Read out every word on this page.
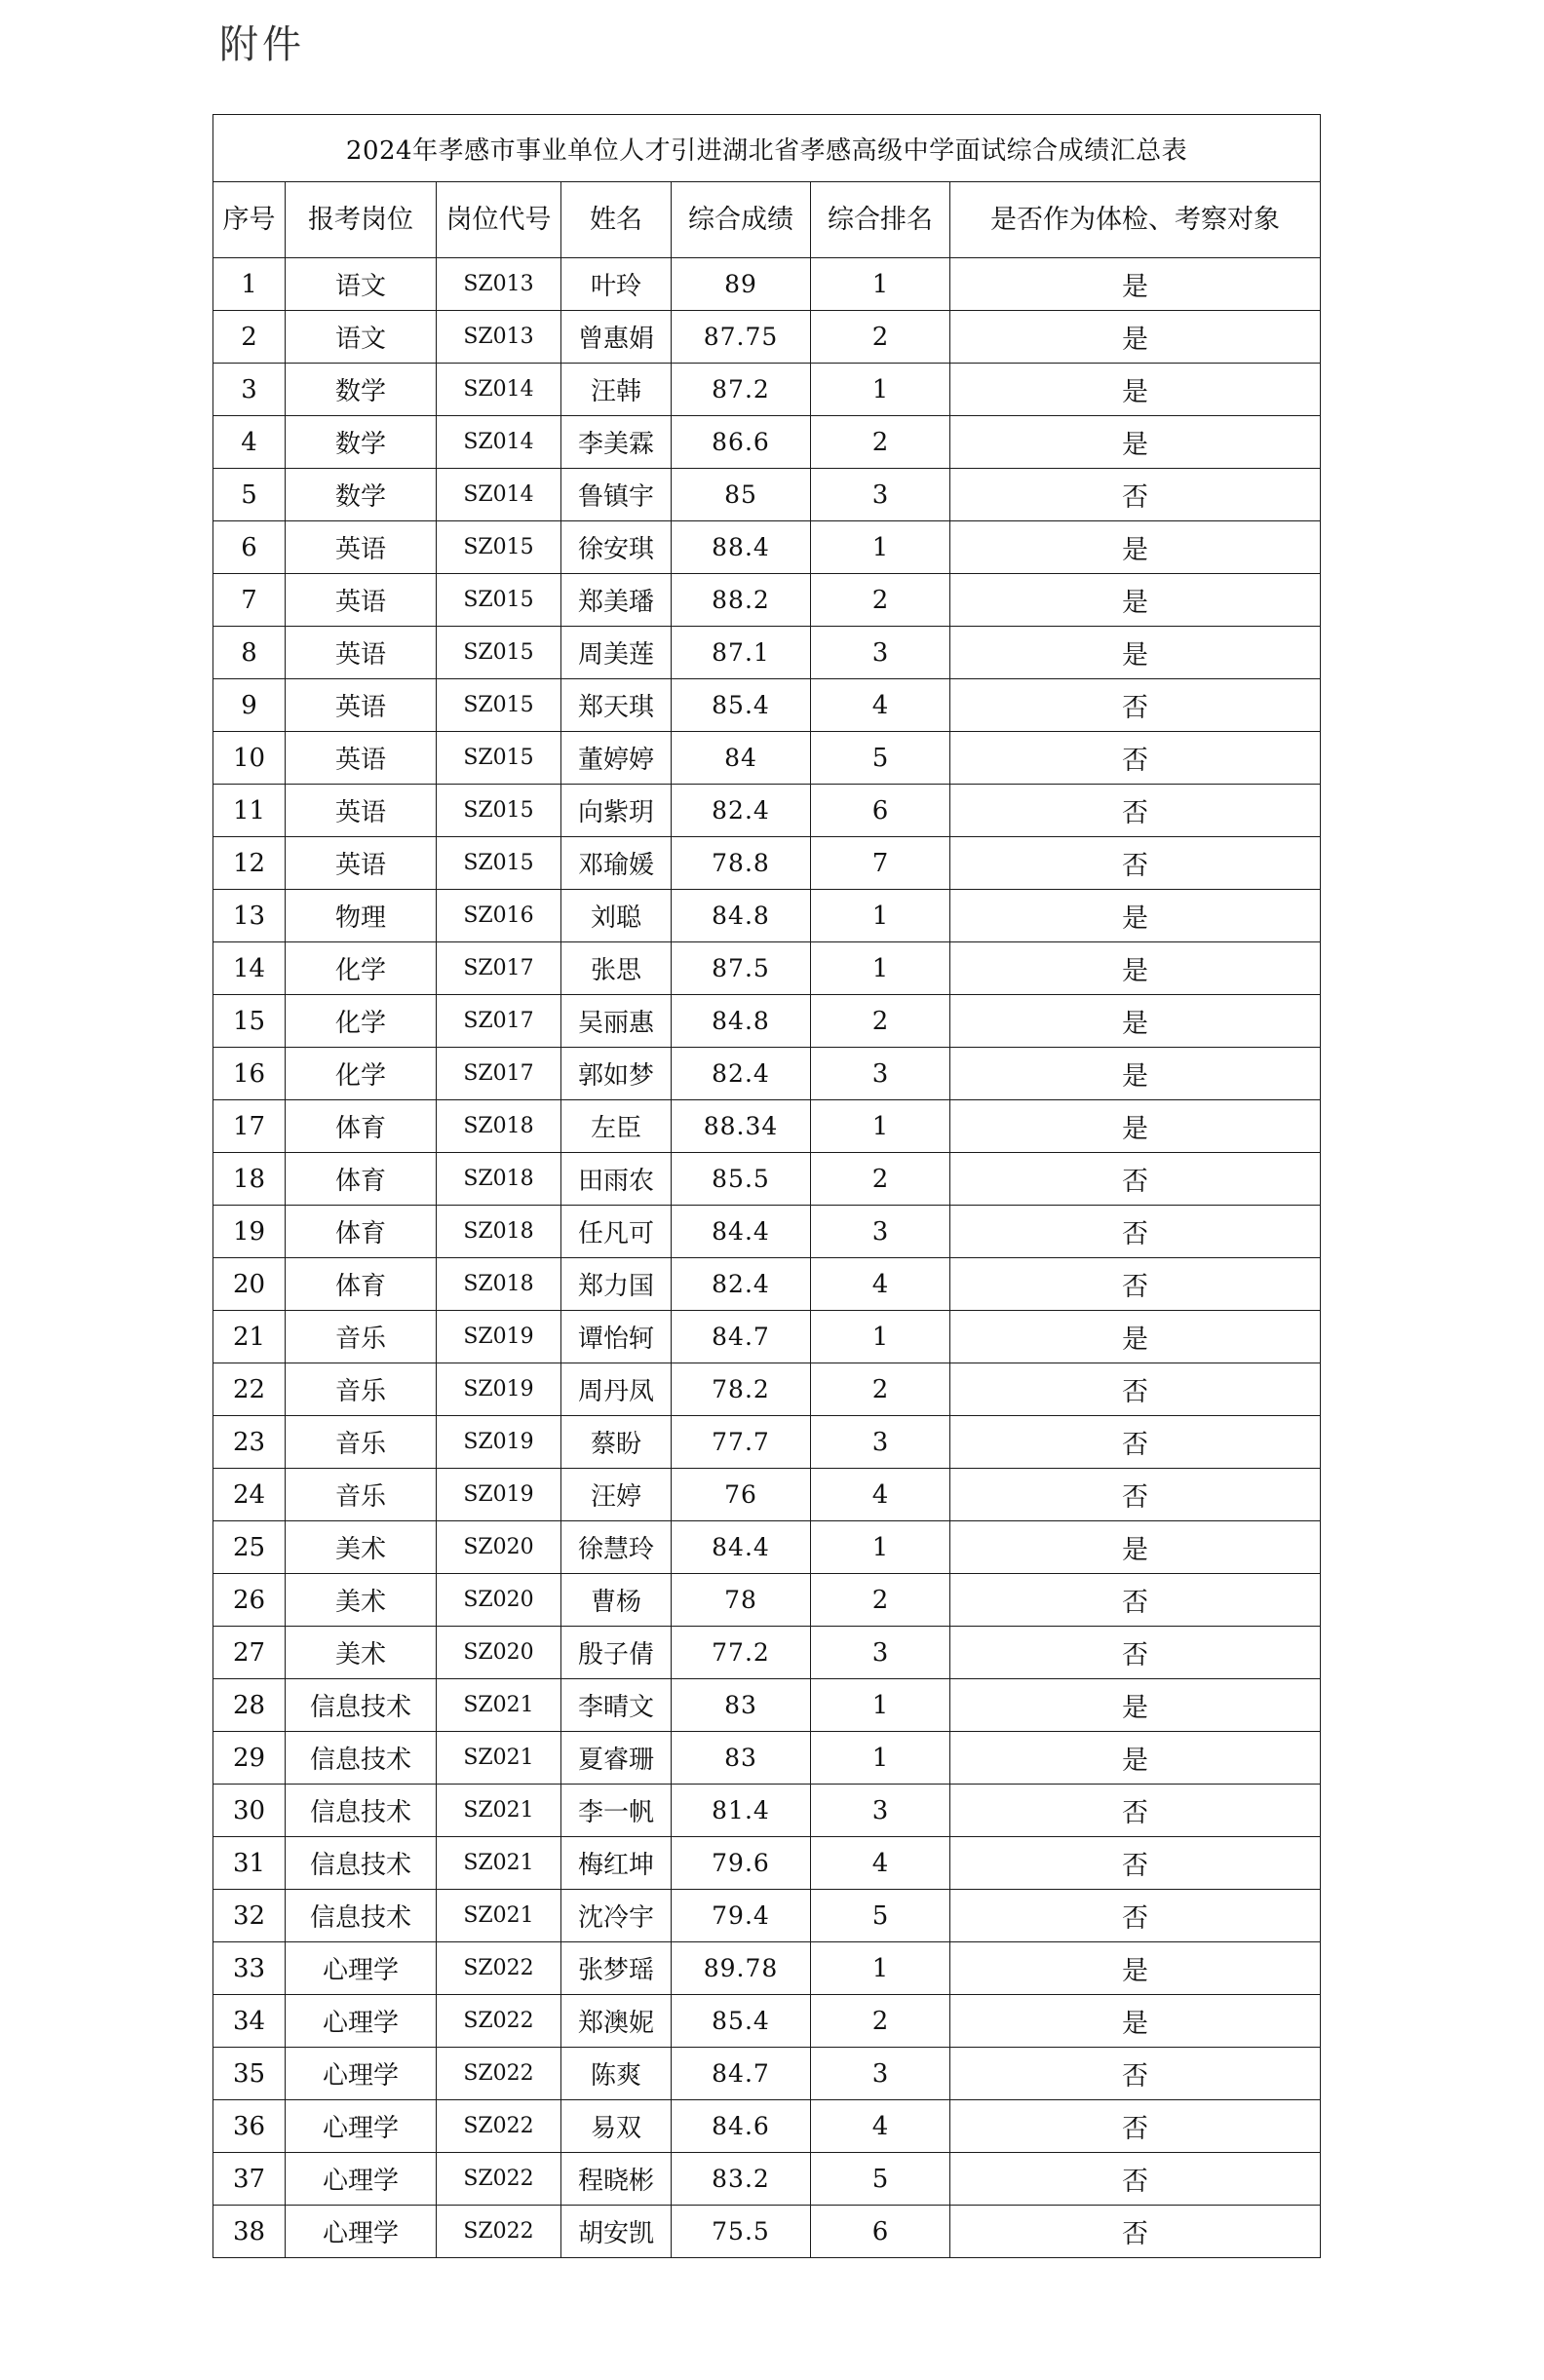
附件
2024年孝感市事业单位人才引进湖北省孝感高级中学面试综合成绩汇总表						
序号	报考岗位	岗位代号	姓名	综合成绩	综合排名	是否作为体检、考察对象
1	语文	SZ013	叶玲	89	1	是
2	语文	SZ013	曾惠娟	87.75	2	是
3	数学	SZ014	汪韩	87.2	1	是
4	数学	SZ014	李美霖	86.6	2	是
5	数学	SZ014	鲁镇宇	85	3	否
6	英语	SZ015	徐安琪	88.4	1	是
7	英语	SZ015	郑美璠	88.2	2	是
8	英语	SZ015	周美莲	87.1	3	是
9	英语	SZ015	郑天琪	85.4	4	否
10	英语	SZ015	董婷婷	84	5	否
11	英语	SZ015	向紫玥	82.4	6	否
12	英语	SZ015	邓瑜媛	78.8	7	否
13	物理	SZ016	刘聪	84.8	1	是
14	化学	SZ017	张思	87.5	1	是
15	化学	SZ017	吴丽惠	84.8	2	是
16	化学	SZ017	郭如梦	82.4	3	是
17	体育	SZ018	左臣	88.34	1	是
18	体育	SZ018	田雨农	85.5	2	否
19	体育	SZ018	任凡可	84.4	3	否
20	体育	SZ018	郑力国	82.4	4	否
21	音乐	SZ019	谭怡轲	84.7	1	是
22	音乐	SZ019	周丹凤	78.2	2	否
23	音乐	SZ019	蔡盼	77.7	3	否
24	音乐	SZ019	汪婷	76	4	否
25	美术	SZ020	徐慧玲	84.4	1	是
26	美术	SZ020	曹杨	78	2	否
27	美术	SZ020	殷子倩	77.2	3	否
28	信息技术	SZ021	李晴文	83	1	是
29	信息技术	SZ021	夏睿珊	83	1	是
30	信息技术	SZ021	李一帆	81.4	3	否
31	信息技术	SZ021	梅红坤	79.6	4	否
32	信息技术	SZ021	沈冷宇	79.4	5	否
33	心理学	SZ022	张梦瑶	89.78	1	是
34	心理学	SZ022	郑澳妮	85.4	2	是
35	心理学	SZ022	陈爽	84.7	3	否
36	心理学	SZ022	易双	84.6	4	否
37	心理学	SZ022	程晓彬	83.2	5	否
38	心理学	SZ022	胡安凯	75.5	6	否
